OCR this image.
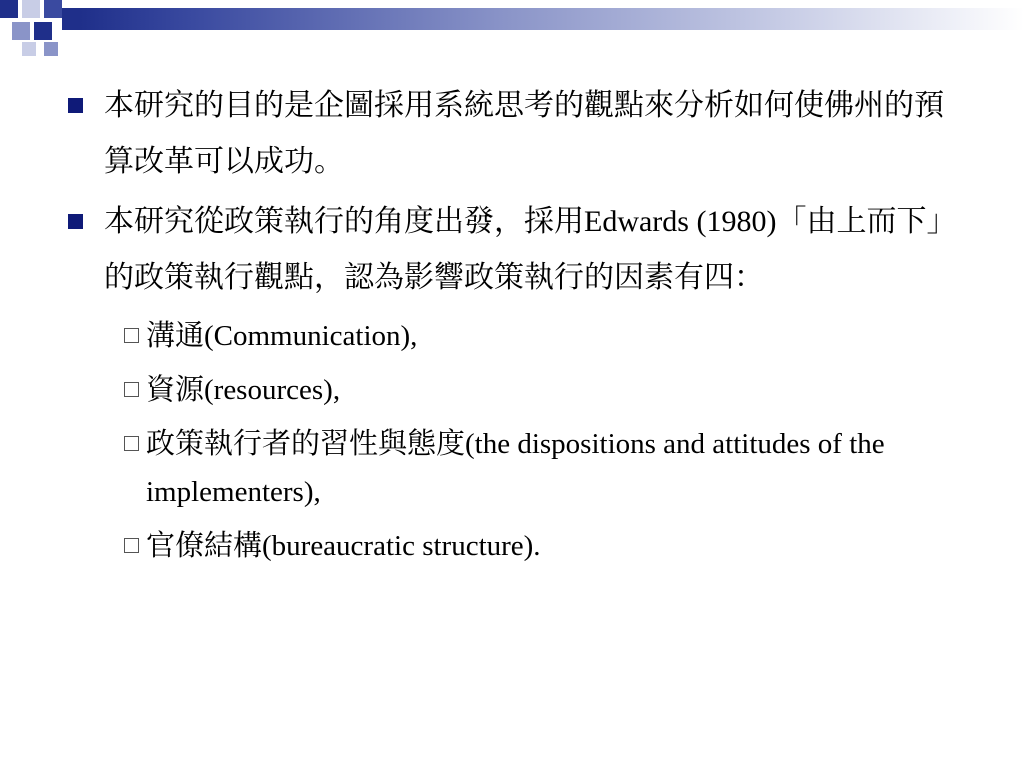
本研究的目的是企圖採用系統思考的觀點來分析如何使佛州的預算改革可以成功。

本研究從政策執行的角度出發，採用Edwards (1980)「由上而下」的政策執行觀點，認為影響政策執行的因素有四：

溝通(Communication),

資源(resources),

政策執行者的習性與態度(the dispositions and attitudes of the implementers),

官僚結構(bureaucratic structure).
